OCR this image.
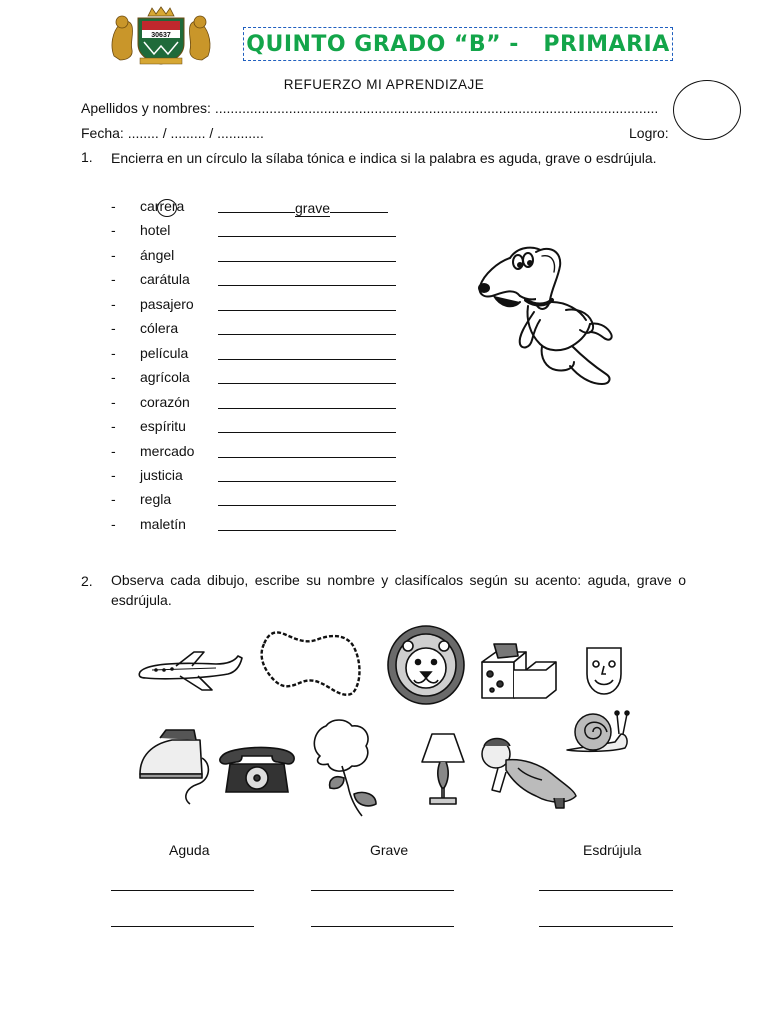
30637	QUINTO GRADO “B” -   PRIMARIA
REFUERZO MI APRENDIZAJE
Apellidos y nombres: ..................................................................................................................
Fecha: ........ / ......... / ............	Logro:
1. Encierra en un círculo la sílaba tónica e indica si la palabra es aguda, grave o esdrújula.
- carrera	grave
- hotel
- ángel
- carátula
- pasajero
- cólera
- película
- agrícola
- corazón
- espíritu
- mercado
- justicia
- regla
- maletín
2. Observa cada dibujo, escribe su nombre y clasifícalos según su acento: aguda, grave o esdrújula.
Aguda	Grave	Esdrújula
